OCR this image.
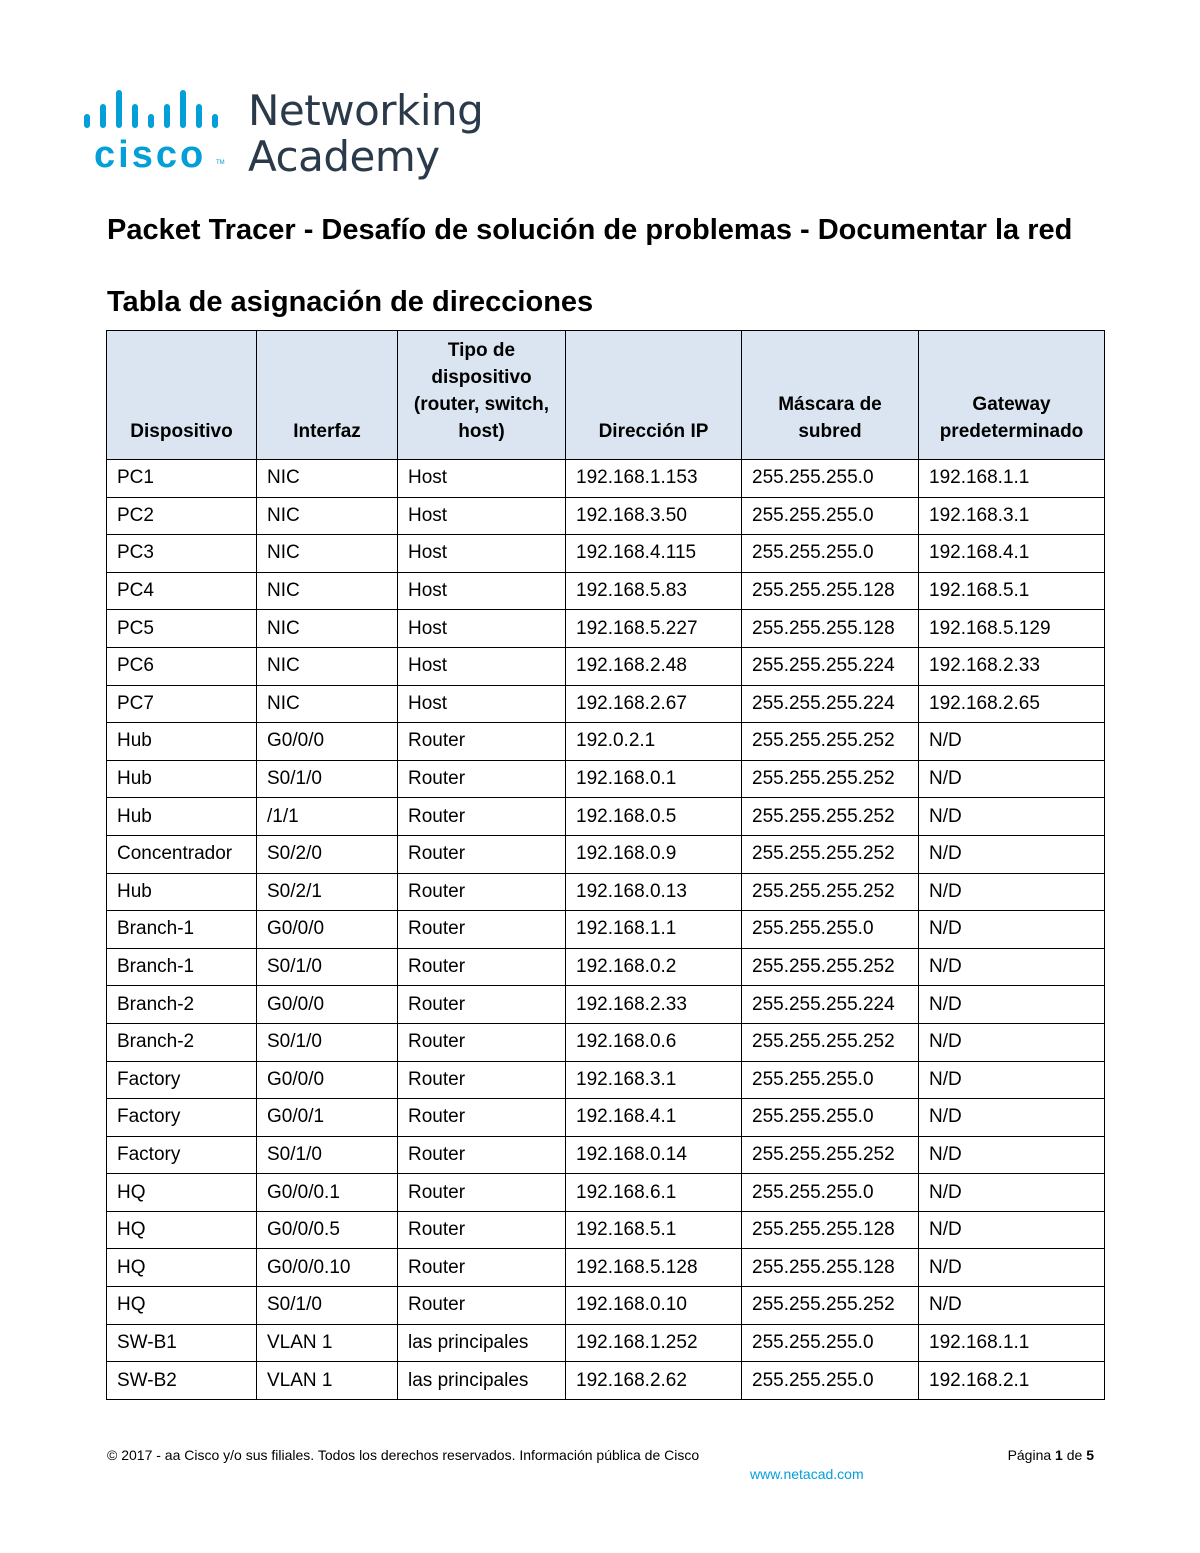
cisco TM
Networking
Academy
Packet Tracer - Desafío de solución de problemas - Documentar la red
Tabla de asignación de direcciones
Dispositivo	Interfaz	Tipo de dispositivo (router, switch, host)	Dirección IP	Máscara de subred	Gateway predeterminado
PC1	NIC	Host	192.168.1.153	255.255.255.0	192.168.1.1
PC2	NIC	Host	192.168.3.50	255.255.255.0	192.168.3.1
PC3	NIC	Host	192.168.4.115	255.255.255.0	192.168.4.1
PC4	NIC	Host	192.168.5.83	255.255.255.128	192.168.5.1
PC5	NIC	Host	192.168.5.227	255.255.255.128	192.168.5.129
PC6	NIC	Host	192.168.2.48	255.255.255.224	192.168.2.33
PC7	NIC	Host	192.168.2.67	255.255.255.224	192.168.2.65
Hub	G0/0/0	Router	192.0.2.1	255.255.255.252	N/D
Hub	S0/1/0	Router	192.168.0.1	255.255.255.252	N/D
Hub	/1/1	Router	192.168.0.5	255.255.255.252	N/D
Concentrador	S0/2/0	Router	192.168.0.9	255.255.255.252	N/D
Hub	S0/2/1	Router	192.168.0.13	255.255.255.252	N/D
Branch-1	G0/0/0	Router	192.168.1.1	255.255.255.0	N/D
Branch-1	S0/1/0	Router	192.168.0.2	255.255.255.252	N/D
Branch-2	G0/0/0	Router	192.168.2.33	255.255.255.224	N/D
Branch-2	S0/1/0	Router	192.168.0.6	255.255.255.252	N/D
Factory	G0/0/0	Router	192.168.3.1	255.255.255.0	N/D
Factory	G0/0/1	Router	192.168.4.1	255.255.255.0	N/D
Factory	S0/1/0	Router	192.168.0.14	255.255.255.252	N/D
HQ	G0/0/0.1	Router	192.168.6.1	255.255.255.0	N/D
HQ	G0/0/0.5	Router	192.168.5.1	255.255.255.128	N/D
HQ	G0/0/0.10	Router	192.168.5.128	255.255.255.128	N/D
HQ	S0/1/0	Router	192.168.0.10	255.255.255.252	N/D
SW-B1	VLAN 1	las principales	192.168.1.252	255.255.255.0	192.168.1.1
SW-B2	VLAN 1	las principales	192.168.2.62	255.255.255.0	192.168.2.1
© 2017 - aa Cisco y/o sus filiales. Todos los derechos reservados. Información pública de Cisco	Página 1 de 5
www.netacad.com
